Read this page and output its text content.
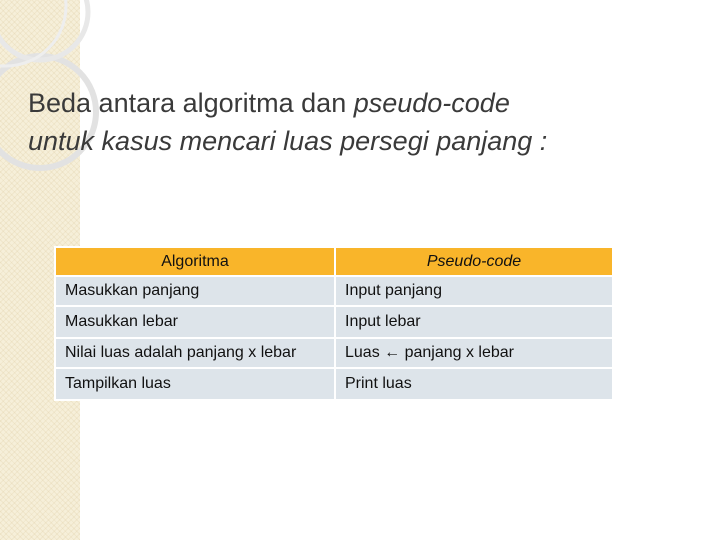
Beda antara algoritma dan pseudo-code
untuk kasus mencari luas persegi panjang :
Algoritma	Pseudo-code
Masukkan panjang	Input panjang
Masukkan lebar	Input lebar
Nilai luas adalah panjang x lebar	Luas ← panjang x lebar
Tampilkan luas	Print luas
